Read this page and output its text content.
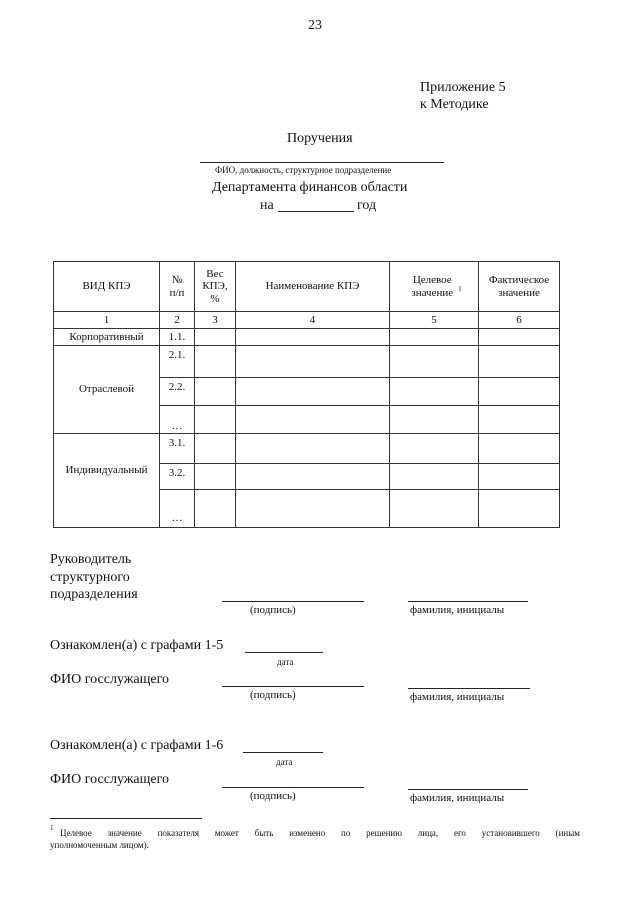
23
Приложение 5
к Методике
Поручения
ФИО, должность, структурное подразделение
Департамента финансов области
на	год
ВИД КПЭ	№ п/п	Вес КПЭ, %	Наименование КПЭ	Целевое значение $^1$	Фактическое значение
1	2	3	4	5	6
Корпоративный	1.1.				
Отраслевой	2.1.				
	2.2.				
	…				
Индивидуальный	3.1.				
	3.2.				
	…				
Руководитель
структурного
подразделения
(подпись)	фамилия, инициалы
Ознакомлен(а) с графами 1-5
дата
ФИО госслужащего
(подпись)	фамилия, инициалы
Ознакомлен(а) с графами 1-6
дата
ФИО госслужащего
(подпись)	фамилия, инициалы
1 Целевое значение показателя может быть изменено по решению лица, его установившего (иным
уполномоченным лицом).
